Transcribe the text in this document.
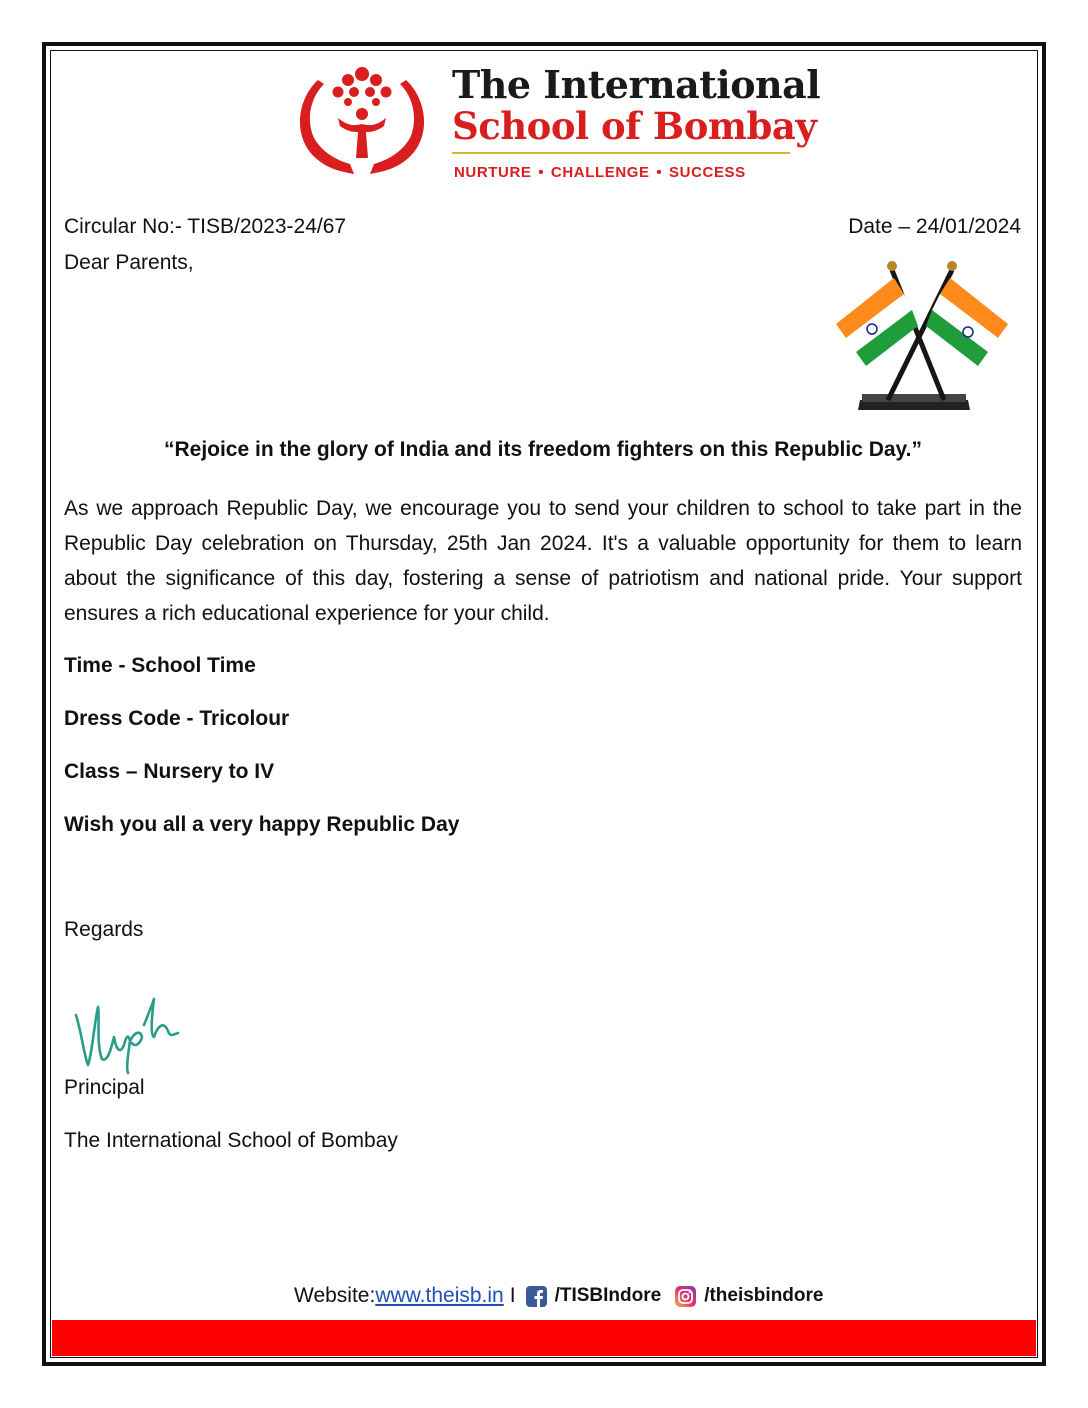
The International
School of Bombay
NURTURE • CHALLENGE • SUCCESS
Circular No:- TISB/2023-24/67	Date – 24/01/2024
Dear Parents,
“Rejoice in the glory of India and its freedom fighters on this Republic Day.”
As we approach Republic Day, we encourage you to send your children to school to take part in the Republic Day celebration on Thursday, 25th Jan 2024. It's a valuable opportunity for them to learn about the significance of this day, fostering a sense of patriotism and national pride. Your support ensures a rich educational experience for your child.
Time - School Time
Dress Code - Tricolour
Class – Nursery to IV
Wish you all a very happy Republic Day
Regards
Principal
The International School of Bombay
Website: www.theisb.in I /TISBIndore /theisbindore
